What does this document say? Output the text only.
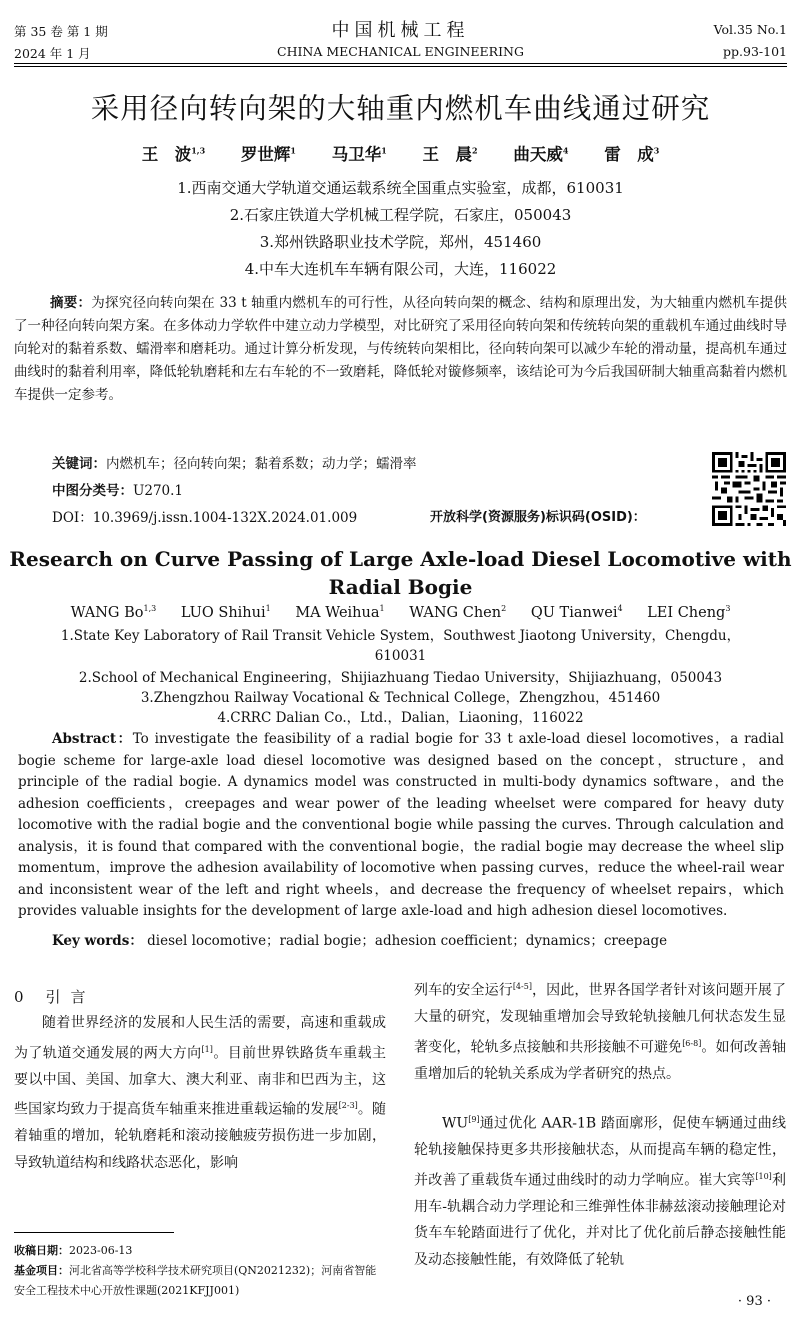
第 35 卷 第 1 期
2024 年 1 月
中国机械工程
CHINA MECHANICAL ENGINEERING
Vol.35 No.1
pp.93-101
采用径向转向架的大轴重内燃机车曲线通过研究
王　波$^{1,3}$ 罗世辉$^1$ 马卫华$^1$ 王　晨$^2$ 曲天威$^4$ 雷　成$^3$
1.西南交通大学轨道交通运载系统全国重点实验室，成都，610031
2.石家庄铁道大学机械工程学院，石家庄，050043
3.郑州铁路职业技术学院，郑州，451460
4.中车大连机车车辆有限公司，大连，116022
摘要：为探究径向转向架在 33 t 轴重内燃机车的可行性，从径向转向架的概念、结构和原理出发，为大轴重内燃机车提供了一种径向转向架方案。在多体动力学软件中建立动力学模型，对比研究了采用径向转向架和传统转向架的重载机车通过曲线时导向轮对的黏着系数、蠕滑率和磨耗功。通过计算分析发现，与传统转向架相比，径向转向架可以减少车轮的滑动量，提高机车通过曲线时的黏着利用率，降低轮轨磨耗和左右车轮的不一致磨耗，降低轮对镟修频率，该结论可为今后我国研制大轴重高黏着内燃机车提供一定参考。
关键词：内燃机车；径向转向架；黏着系数；动力学；蠕滑率
中图分类号：U270.1
DOI：10.3969/j.issn.1004-132X.2024.01.009	开放科学(资源服务)标识码(OSID)：
Research on Curve Passing of Large Axle-load Diesel Locomotive with Radial Bogie
WANG Bo$^{1,3}$ LUO Shihui$^1$ MA Weihua$^1$ WANG Chen$^2$ QU Tianwei$^4$ LEI Cheng$^3$
1.State Key Laboratory of Rail Transit Vehicle System，Southwest Jiaotong University，Chengdu，610031
2.School of Mechanical Engineering，Shijiazhuang Tiedao University，Shijiazhuang，050043
3.Zhengzhou Railway Vocational & Technical College，Zhengzhou，451460
4.CRRC Dalian Co.，Ltd.，Dalian，Liaoning，116022
Abstract：To investigate the feasibility of a radial bogie for 33 t axle-load diesel locomotives，a radial bogie scheme for large-axle load diesel locomotive was designed based on the concept，structure，and principle of the radial bogie. A dynamics model was constructed in multi-body dynamics software，and the adhesion coefficients，creepages and wear power of the leading wheelset were compared for heavy duty locomotive with the radial bogie and the conventional bogie while passing the curves. Through calculation and analysis，it is found that compared with the conventional bogie，the radial bogie may decrease the wheel slip momentum，improve the adhesion availability of locomotive when passing curves，reduce the wheel-rail wear and inconsistent wear of the left and right wheels，and decrease the frequency of wheelset repairs，which provides valuable insights for the development of large axle-load and high adhesion diesel locomotives.
Key words： diesel locomotive；radial bogie；adhesion coefficient；dynamics；creepage
0 引言
随着世界经济的发展和人民生活的需要，高速和重载成为了轨道交通发展的两大方向[1]。目前世界铁路货车重载主要以中国、美国、加拿大、澳大利亚、南非和巴西为主，这些国家均致力于提高货车轴重来推进重载运输的发展[2-3]。随着轴重的增加，轮轨磨耗和滚动接触疲劳损伤进一步加剧，导致轨道结构和线路状态恶化，影响
收稿日期：2023-06-13
基金项目：河北省高等学校科学技术研究项目(QN2021232)；河南省智能安全工程技术中心开放性课题(2021KFJJ001)
列车的安全运行[4-5]，因此，世界各国学者针对该问题开展了大量的研究，发现轴重增加会导致轮轨接触几何状态发生显著变化，轮轨多点接触和共形接触不可避免[6-8]。如何改善轴重增加后的轮轨关系成为学者研究的热点。
WU[9]通过优化 AAR-1B 踏面廓形，促使车辆通过曲线轮轨接触保持更多共形接触状态，从而提高车辆的稳定性，并改善了重载货车通过曲线时的动力学响应。崔大宾等[10]利用车-轨耦合动力学理论和三维弹性体非赫兹滚动接触理论对货车车轮踏面进行了优化，并对比了优化前后静态接触性能及动态接触性能，有效降低了轮轨
· 93 ·
